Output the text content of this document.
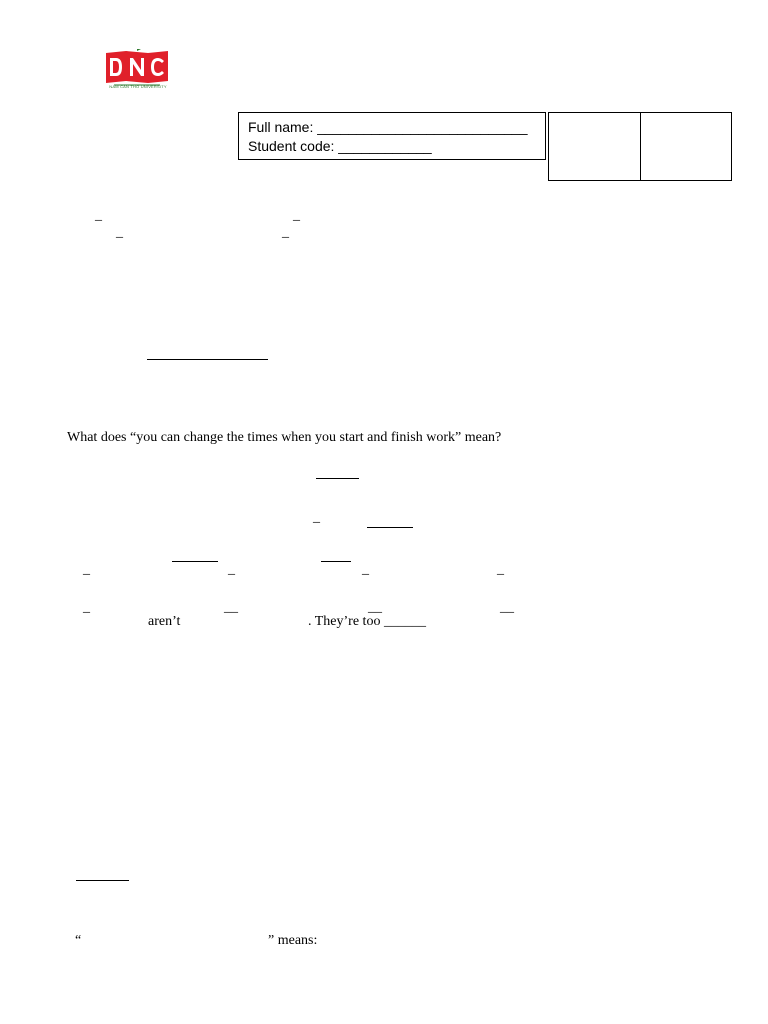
NAM CAN THO UNIVERSITY
Full name: ___________________________
Student code: ____________
_	_
_	_
What does “you can change the times when you start and finish work” mean?
_
_	_	_	_
_	__	__	__
aren’t	. They’re too ______
“	” means:
